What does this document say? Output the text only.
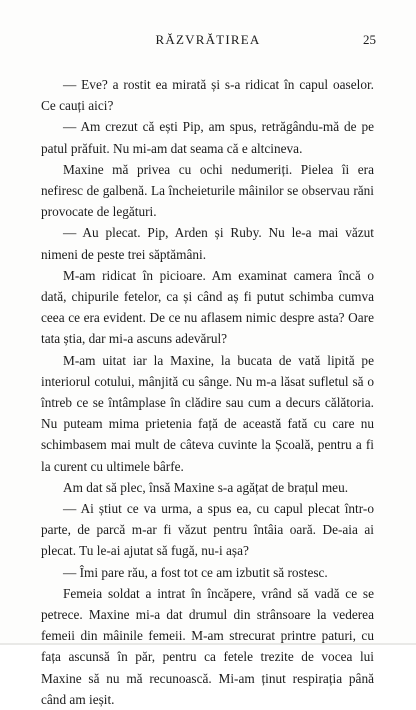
RĂZVRĂTIREA	25

— Eve? a rostit ea mirată și s-a ridicat în capul oaselor. Ce cauți aici?

— Am crezut că ești Pip, am spus, retrăgându-mă de pe patul prăfuit. Nu mi-am dat seama că e altcineva.

Maxine mă privea cu ochi nedumeriți. Pielea îi era nefiresc de galbenă. La încheieturile mâinilor se observau răni provocate de legături.

— Au plecat. Pip, Arden și Ruby. Nu le-a mai văzut nimeni de peste trei săptămâni.

M-am ridicat în picioare. Am examinat camera încă o dată, chipurile fetelor, ca și când aș fi putut schimba cumva ceea ce era evident. De ce nu aflasem nimic despre asta? Oare tata știa, dar mi-a ascuns adevărul?

M-am uitat iar la Maxine, la bucata de vată lipită pe interiorul cotului, mânjită cu sânge. Nu m-a lăsat sufletul să o întreb ce se întâmplase în clădire sau cum a decurs călătoria. Nu puteam mima prietenia față de această fată cu care nu schimbasem mai mult de câteva cuvinte la Școală, pentru a fi la curent cu ultimele bârfe.

Am dat să plec, însă Maxine s-a agățat de brațul meu.

— Ai știut ce va urma, a spus ea, cu capul plecat într-o parte, de parcă m-ar fi văzut pentru întâia oară. De-aia ai plecat. Tu le-ai ajutat să fugă, nu-i așa?

— Îmi pare rău, a fost tot ce am izbutit să rostesc.

Femeia soldat a intrat în încăpere, vrând să vadă ce se petrece. Maxine mi-a dat drumul din strânsoare la vederea femeii din mâinile femeii. M-am strecurat printre paturi, cu fața ascunsă în păr, pentru ca fetele trezite de vocea lui Maxine să nu mă recunoască. Mi-am ținut respirația până când am ieșit.
